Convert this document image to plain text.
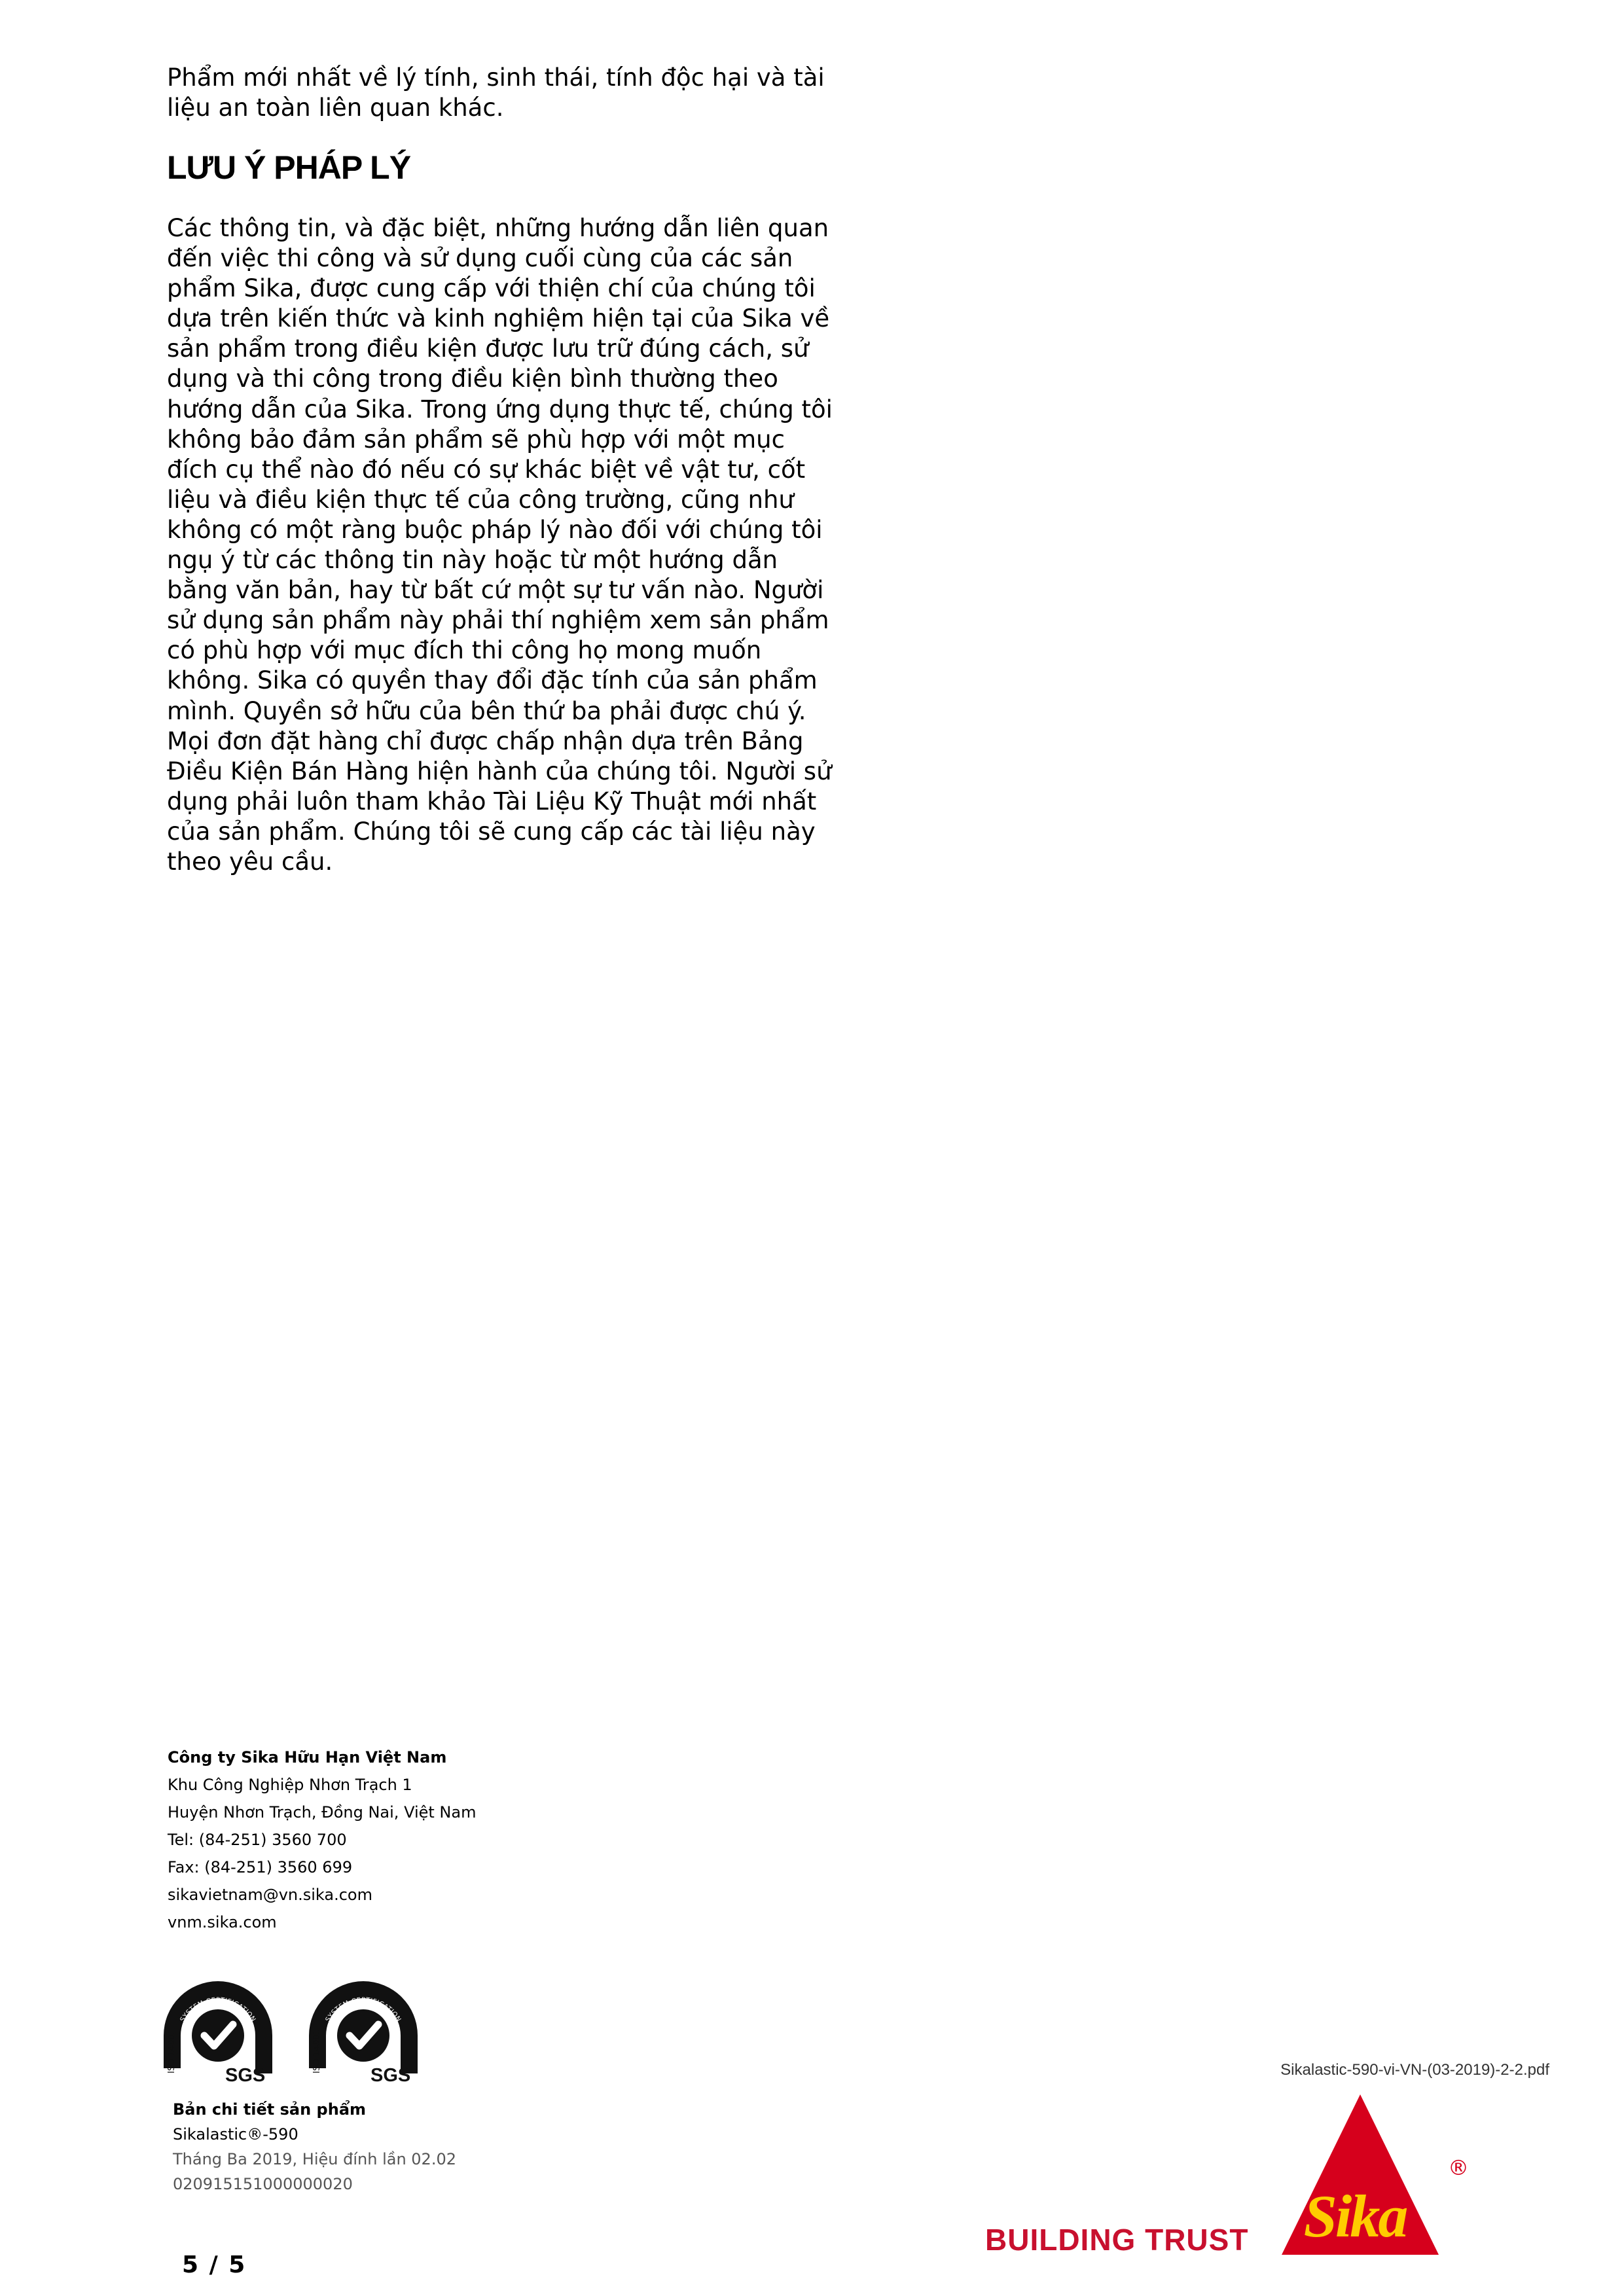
Phẩm mới nhất về lý tính, sinh thái, tính độc hại và tài
liệu an toàn liên quan khác.
LƯU Ý PHÁP LÝ
Các thông tin, và đặc biệt, những hướng dẫn liên quan
đến việc thi công và sử dụng cuối cùng của các sản
phẩm Sika, được cung cấp với thiện chí của chúng tôi
dựa trên kiến thức và kinh nghiệm hiện tại của Sika về
sản phẩm trong điều kiện được lưu trữ đúng cách, sử
dụng và thi công trong điều kiện bình thường theo
hướng dẫn của Sika. Trong ứng dụng thực tế, chúng tôi
không bảo đảm sản phẩm sẽ phù hợp với một mục
đích cụ thể nào đó nếu có sự khác biệt về vật tư, cốt
liệu và điều kiện thực tế của công trường, cũng như
không có một ràng buộc pháp lý nào đối với chúng tôi
ngụ ý từ các thông tin này hoặc từ một hướng dẫn
bằng văn bản, hay từ bất cứ một sự tư vấn nào. Người
sử dụng sản phẩm này phải thí nghiệm xem sản phẩm
có phù hợp với mục đích thi công họ mong muốn
không. Sika có quyền thay đổi đặc tính của sản phẩm
mình. Quyền sở hữu của bên thứ ba phải được chú ý.
Mọi đơn đặt hàng chỉ được chấp nhận dựa trên Bảng
Điều Kiện Bán Hàng hiện hành của chúng tôi. Người sử
dụng phải luôn tham khảo Tài Liệu Kỹ Thuật mới nhất
của sản phẩm. Chúng tôi sẽ cung cấp các tài liệu này
theo yêu cầu.
Công ty Sika Hữu Hạn Việt Nam
Khu Công Nghiệp Nhơn Trạch 1
Huyện Nhơn Trạch, Đồng Nai, Việt Nam
Tel: (84-251) 3560 700
Fax: (84-251) 3560 699
sikavietnam@vn.sika.com
vnm.sika.com
SYSTEM CERTIFICATION
ISO 14001
SGS
SYSTEM CERTIFICATION
ISO 14001
SGS
Bản chi tiết sản phẩm
Sikalastic®-590
Tháng Ba 2019, Hiệu đính lần 02.02
020915151000000020
5 / 5
Sikalastic-590-vi-VN-(03-2019)-2-2.pdf
BUILDING TRUST Sika
®
